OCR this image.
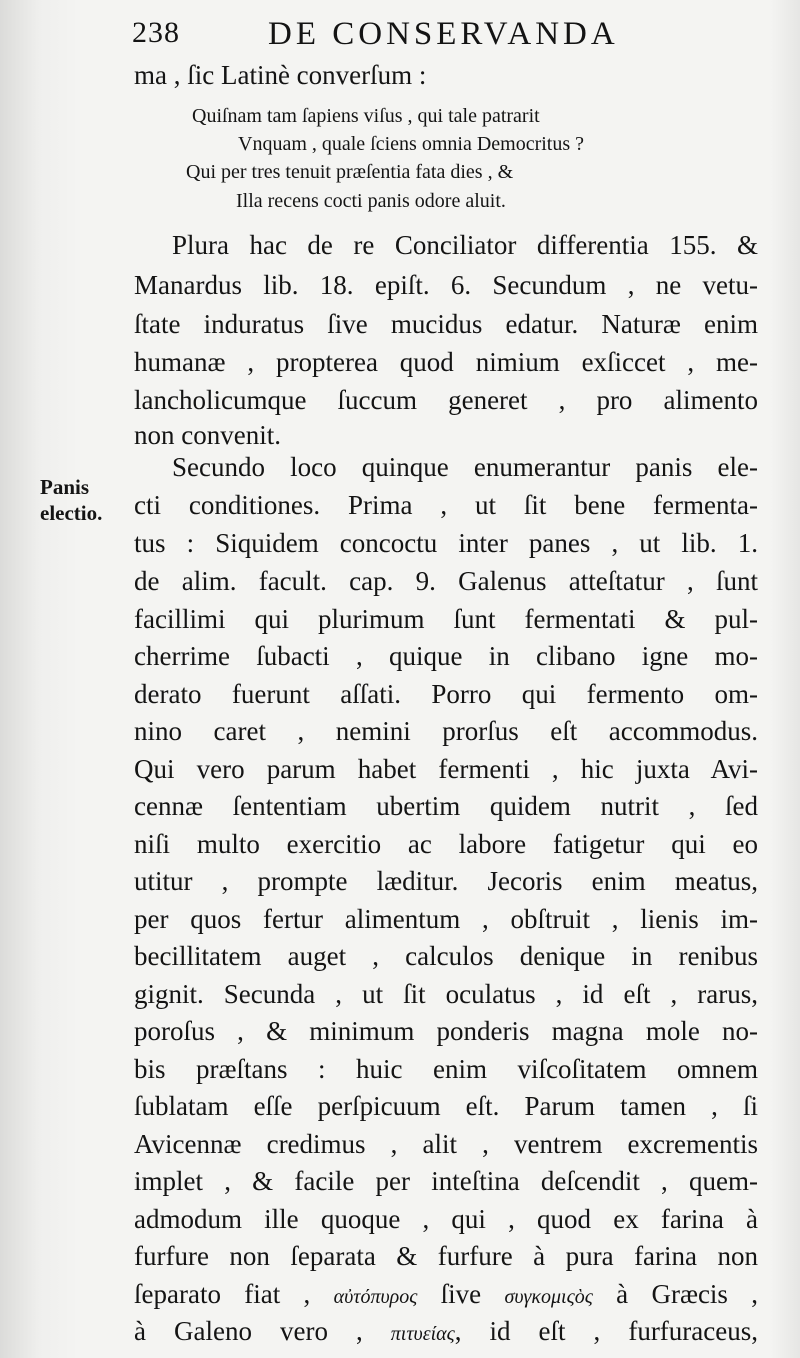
238	DE CONSERVANDA
ma , ſic Latinè converſum :
Quiſnam tam ſapiens viſus , qui tale patrarit
Vnquam , quale ſciens omnia Democritus ?
Qui per tres tenuit præſentia fata dies , &
Illa recens cocti panis odore aluit.
Plura hac de re Conciliator differentia 155. &
Manardus lib. 18. epiſt. 6. Secundum , ne vetu-
ſtate induratus ſive mucidus edatur. Naturæ enim
humanæ , propterea quod nimium exſiccet , me-
lancholicumque ſuccum generet , pro alimento
non convenit.
Panis
electio.
Secundo loco quinque enumerantur panis ele-
cti conditiones. Prima , ut ſit bene fermenta-
tus : Siquidem concoctu inter panes , ut lib. 1.
de alim. facult. cap. 9. Galenus atteſtatur , ſunt
facillimi qui plurimum ſunt fermentati & pul-
cherrime ſubacti , quique in clibano igne mo-
derato fuerunt aſſati. Porro qui fermento om-
nino caret , nemini prorſus eſt accommodus.
Qui vero parum habet fermenti , hic juxta Avi-
cennæ ſententiam ubertim quidem nutrit , ſed
niſi multo exercitio ac labore fatigetur qui eo
utitur , prompte læditur. Jecoris enim meatus,
per quos fertur alimentum , obſtruit , lienis im-
becillitatem auget , calculos denique in renibus
gignit. Secunda , ut ſit oculatus , id eſt , rarus,
poroſus , & minimum ponderis magna mole no-
bis præſtans : huic enim viſcoſitatem omnem
ſublatam eſſe perſpicuum eſt. Parum tamen , ſi
Avicennæ credimus , alit , ventrem excrementis
implet , & facile per inteſtina deſcendit , quem-
admodum ille quoque , qui , quod ex farina à
furfure non ſeparata & furfure à pura farina non
ſeparato fiat , αὐτόπυρος ſive συγκομιςὸς à Græcis ,
à Galeno vero , πιτυείας, id eſt , furfuraceus,
